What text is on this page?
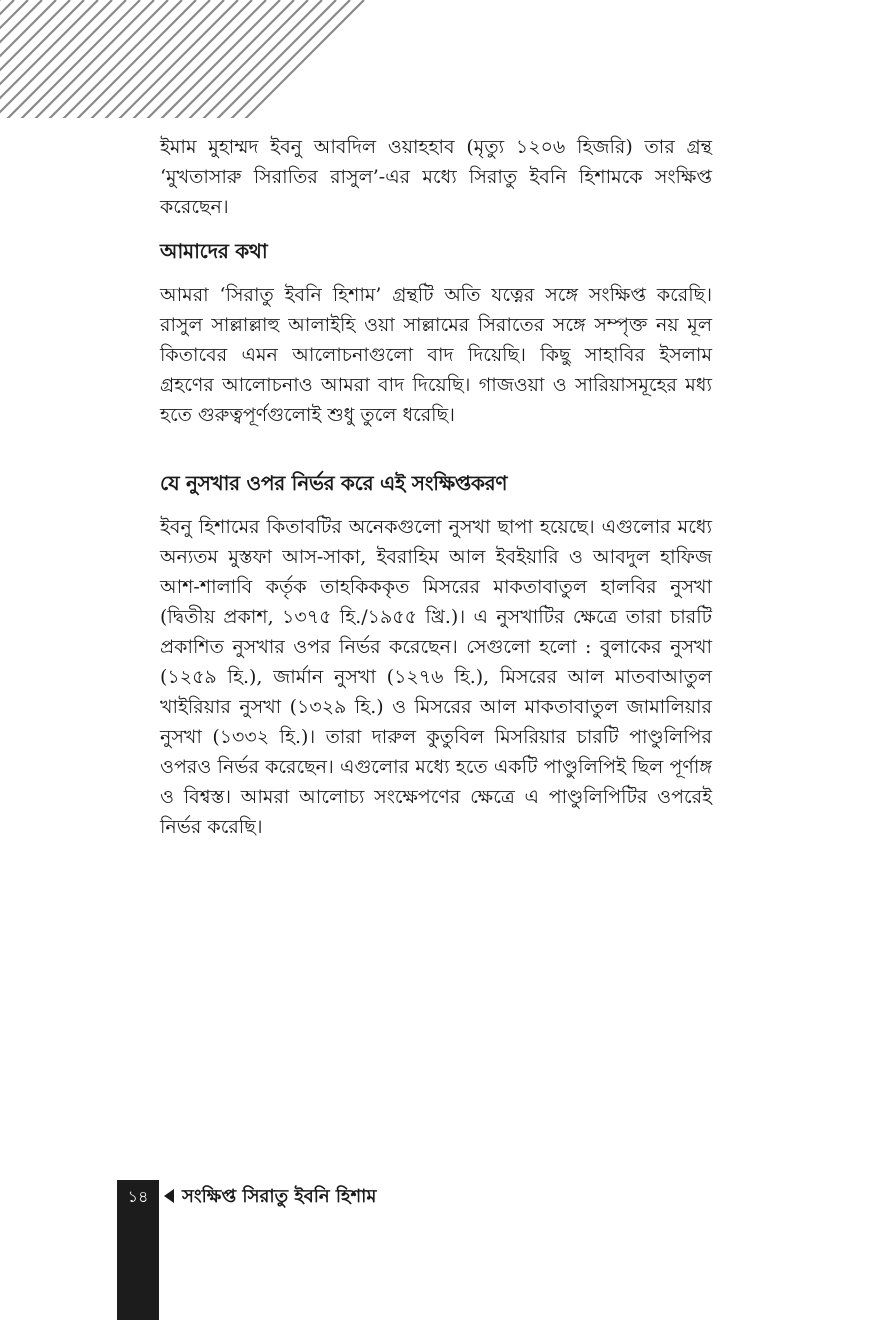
ইমাম মুহাম্মদ ইবনু আবদিল ওয়াহহাব (মৃত্যু ১২০৬ হিজরি) তার গ্রন্থ ‘মুখতাসারু সিরাতির রাসুল’-এর মধ্যে সিরাতু ইবনি হিশামকে সংক্ষিপ্ত করেছেন।

আমাদের কথা

আমরা ‘সিরাতু ইবনি হিশাম’ গ্রন্থটি অতি যত্নের সঙ্গে সংক্ষিপ্ত করেছি। রাসুল সাল্লাল্লাহু আলাইহি ওয়া সাল্লামের সিরাতের সঙ্গে সম্পৃক্ত নয় মূল কিতাবের এমন আলোচনাগুলো বাদ দিয়েছি। কিছু সাহাবির ইসলাম গ্রহণের আলোচনাও আমরা বাদ দিয়েছি। গাজওয়া ও সারিয়াসমূহের মধ্য হতে গুরুত্বপূর্ণগুলোই শুধু তুলে ধরেছি।

যে নুসখার ওপর নির্ভর করে এই সংক্ষিপ্তকরণ

ইবনু হিশামের কিতাবটির অনেকগুলো নুসখা ছাপা হয়েছে। এগুলোর মধ্যে অন্যতম মুস্তফা আস-সাকা, ইবরাহিম আল ইবইয়ারি ও আবদুল হাফিজ আশ-শালাবি কর্তৃক তাহকিককৃত মিসরের মাকতাবাতুল হালবির নুসখা (দ্বিতীয় প্রকাশ, ১৩৭৫ হি./১৯৫৫ খ্রি.)। এ নুসখাটির ক্ষেত্রে তারা চারটি প্রকাশিত নুসখার ওপর নির্ভর করেছেন। সেগুলো হলো : বুলাকের নুসখা (১২৫৯ হি.), জার্মান নুসখা (১২৭৬ হি.), মিসরের আল মাতবাআতুল খাইরিয়ার নুসখা (১৩২৯ হি.) ও মিসরের আল মাকতাবাতুল জামালিয়ার নুসখা (১৩৩২ হি.)। তারা দারুল কুতুবিল মিসরিয়ার চারটি পাণ্ডুলিপির ওপরও নির্ভর করেছেন। এগুলোর মধ্যে হতে একটি পাণ্ডুলিপিই ছিল পূর্ণাঙ্গ ও বিশ্বস্ত। আমরা আলোচ্য সংক্ষেপণের ক্ষেত্রে এ পাণ্ডুলিপিটির ওপরেই নির্ভর করেছি।

১৪	সংক্ষিপ্ত সিরাতু ইবনি হিশাম
